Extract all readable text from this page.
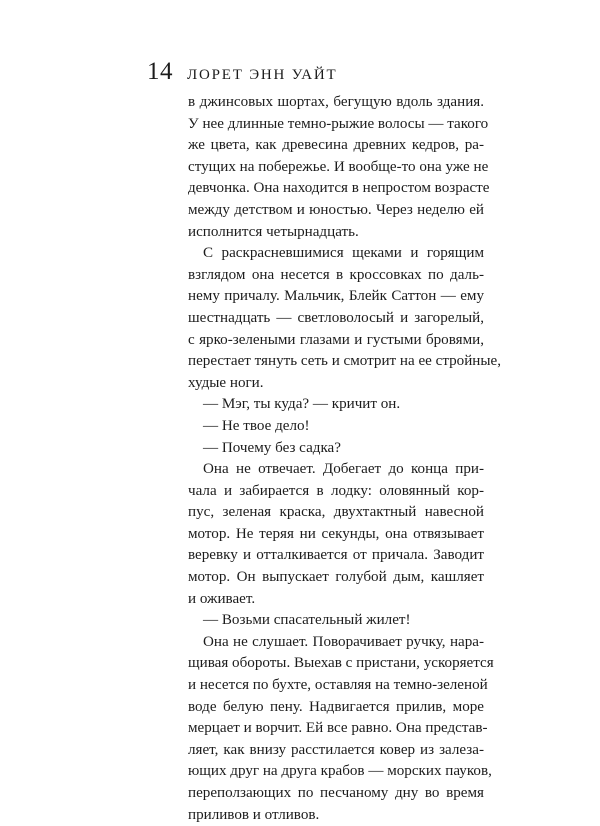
14 ЛОРЕТ ЭНН УАЙТ
в джинсовых шортах, бегущую вдоль здания.
У нее длинные темно-рыжие волосы — такого
же цвета, как древесина древних кедров, ра-
стущих на побережье. И вообще-то она уже не
девчонка. Она находится в непростом возрасте
между детством и юностью. Через неделю ей
исполнится четырнадцать.
С раскрасневшимися щеками и горящим
взглядом она несется в кроссовках по даль-
нему причалу. Мальчик, Блейк Саттон — ему
шестнадцать — светловолосый и загорелый,
с ярко-зелеными глазами и густыми бровями,
перестает тянуть сеть и смотрит на ее стройные,
худые ноги.
— Мэг, ты куда? — кричит он.
— Не твое дело!
— Почему без садка?
Она не отвечает. Добегает до конца при-
чала и забирается в лодку: оловянный кор-
пус, зеленая краска, двухтактный навесной
мотор. Не теряя ни секунды, она отвязывает
веревку и отталкивается от причала. Заводит
мотор. Он выпускает голубой дым, кашляет
и оживает.
— Возьми спасательный жилет!
Она не слушает. Поворачивает ручку, нара-
щивая обороты. Выехав с пристани, ускоряется
и несется по бухте, оставляя на темно-зеленой
воде белую пену. Надвигается прилив, море
мерцает и ворчит. Ей все равно. Она представ-
ляет, как внизу расстилается ковер из залеза-
ющих друг на друга крабов — морских пауков,
переползающих по песчаному дну во время
приливов и отливов.
